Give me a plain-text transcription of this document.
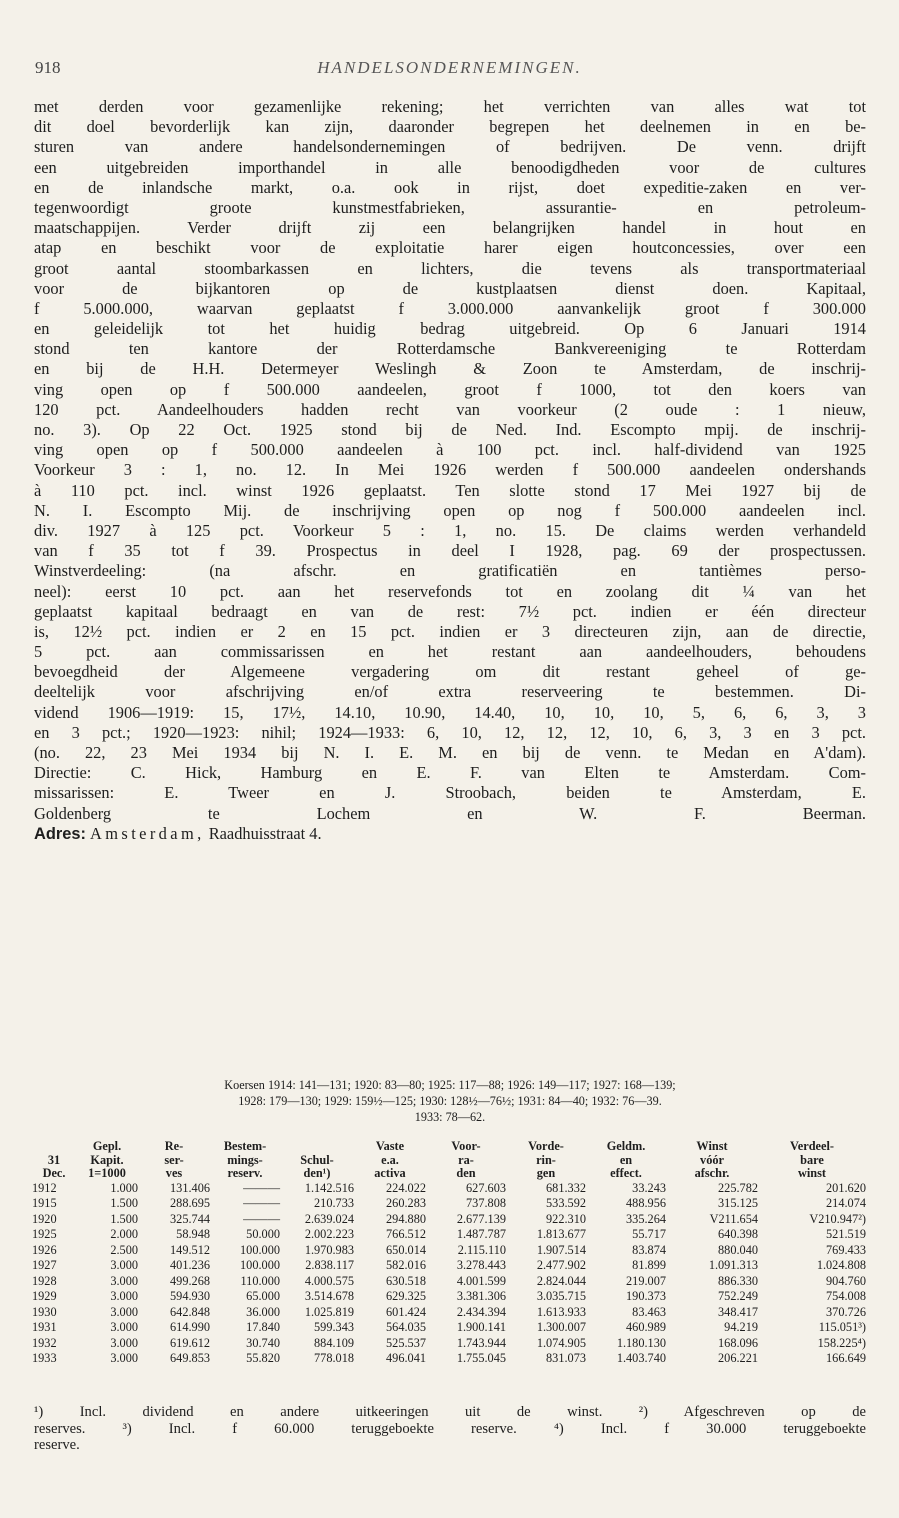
918	HANDELSONDERNEMINGEN.
met derden voor gezamenlijke rekening; het verrichten van alles wat tot
dit doel bevorderlijk kan zijn, daaronder begrepen het deelnemen in en be-
sturen van andere handelsondernemingen of bedrijven. De venn. drijft
een uitgebreiden importhandel in alle benoodigdheden voor de cultures
en de inlandsche markt, o.a. ook in rijst, doet expeditie-zaken en ver-
tegenwoordigt groote kunstmestfabrieken, assurantie- en petroleum-
maatschappijen. Verder drijft zij een belangrijken handel in hout en
atap en beschikt voor de exploitatie harer eigen houtconcessies, over een
groot aantal stoombarkassen en lichters, die tevens als transportmateriaal
voor de bijkantoren op de kustplaatsen dienst doen. Kapitaal,
f 5.000.000, waarvan geplaatst f 3.000.000 aanvankelijk groot f 300.000
en geleidelijk tot het huidig bedrag uitgebreid. Op 6 Januari 1914
stond ten kantore der Rotterdamsche Bankvereeniging te Rotterdam
en bij de H.H. Determeyer Weslingh & Zoon te Amsterdam, de inschrij-
ving open op f 500.000 aandeelen, groot f 1000, tot den koers van
120 pct. Aandeelhouders hadden recht van voorkeur (2 oude : 1 nieuw,
no. 3). Op 22 Oct. 1925 stond bij de Ned. Ind. Escompto mpij. de inschrij-
ving open op f 500.000 aandeelen à 100 pct. incl. half-dividend van 1925
Voorkeur 3 : 1, no. 12. In Mei 1926 werden f 500.000 aandeelen ondershands
à 110 pct. incl. winst 1926 geplaatst. Ten slotte stond 17 Mei 1927 bij de
N. I. Escompto Mij. de inschrijving open op nog f 500.000 aandeelen incl.
div. 1927 à 125 pct. Voorkeur 5 : 1, no. 15. De claims werden verhandeld
van f 35 tot f 39. Prospectus in deel I 1928, pag. 69 der prospectussen.
Winstverdeeling: (na afschr. en gratificatiën en tantièmes perso-
neel): eerst 10 pct. aan het reservefonds tot en zoolang dit ¼ van het
geplaatst kapitaal bedraagt en van de rest: 7½ pct. indien er één directeur
is, 12½ pct. indien er 2 en 15 pct. indien er 3 directeuren zijn, aan de directie,
5 pct. aan commissarissen en het restant aan aandeelhouders, behoudens
bevoegdheid der Algemeene vergadering om dit restant geheel of ge-
deeltelijk voor afschrijving en/of extra reserveering te bestemmen. Di-
vidend 1906—1919: 15, 17½, 14.10, 10.90, 14.40, 10, 10, 10, 5, 6, 6, 3, 3
en 3 pct.; 1920—1923: nihil; 1924—1933: 6, 10, 12, 12, 12, 10, 6, 3, 3 en 3 pct.
(no. 22, 23 Mei 1934 bij N. I. E. M. en bij de venn. te Medan en A'dam).
Directie: C. Hick, Hamburg en E. F. van Elten te Amsterdam. Com-
missarissen: E. Tweer en J. Stroobach, beiden te Amsterdam, E.
Goldenberg te Lochem en W. F. Beerman.
Adres: Amsterdam, Raadhuisstraat 4.
Koersen 1914: 141—131; 1920: 83—80; 1925: 117—88; 1926: 149—117; 1927: 168—139;
1928: 179—130; 1929: 159½—125; 1930: 128½—76½; 1931: 84—40; 1932: 76—39.
1933: 78—62.
	Gepl.	Re-	Bestem-		Vaste	Voor-	Vorde-	Geldm.	Winst	Verdeel-
31	Kapit.	ser-	mings-	Schul-	e.a.	ra-	rin-	en	vóór	bare
Dec.	1=1000	ves	reserv.	den¹)	activa	den	gen	effect.	afschr.	winst
1912	1.000	131.406	———	1.142.516	224.022	627.603	681.332	33.243	225.782	201.620
1915	1.500	288.695	———	210.733	260.283	737.808	533.592	488.956	315.125	214.074
1920	1.500	325.744	———	2.639.024	294.880	2.677.139	922.310	335.264	V211.654	V210.947²)
1925	2.000	58.948	50.000	2.002.223	766.512	1.487.787	1.813.677	55.717	640.398	521.519
1926	2.500	149.512	100.000	1.970.983	650.014	2.115.110	1.907.514	83.874	880.040	769.433
1927	3.000	401.236	100.000	2.838.117	582.016	3.278.443	2.477.902	81.899	1.091.313	1.024.808
1928	3.000	499.268	110.000	4.000.575	630.518	4.001.599	2.824.044	219.007	886.330	904.760
1929	3.000	594.930	65.000	3.514.678	629.325	3.381.306	3.035.715	190.373	752.249	754.008
1930	3.000	642.848	36.000	1.025.819	601.424	2.434.394	1.613.933	83.463	348.417	370.726
1931	3.000	614.990	17.840	599.343	564.035	1.900.141	1.300.007	460.989	94.219	115.051³)
1932	3.000	619.612	30.740	884.109	525.537	1.743.944	1.074.905	1.180.130	168.096	158.225⁴)
1933	3.000	649.853	55.820	778.018	496.041	1.755.045	831.073	1.403.740	206.221	166.649
¹) Incl. dividend en andere uitkeeringen uit de winst. ²) Afgeschreven op de
reserves. ³) Incl. f 60.000 teruggeboekte reserve. ⁴) Incl. f 30.000 teruggeboekte
reserve.
